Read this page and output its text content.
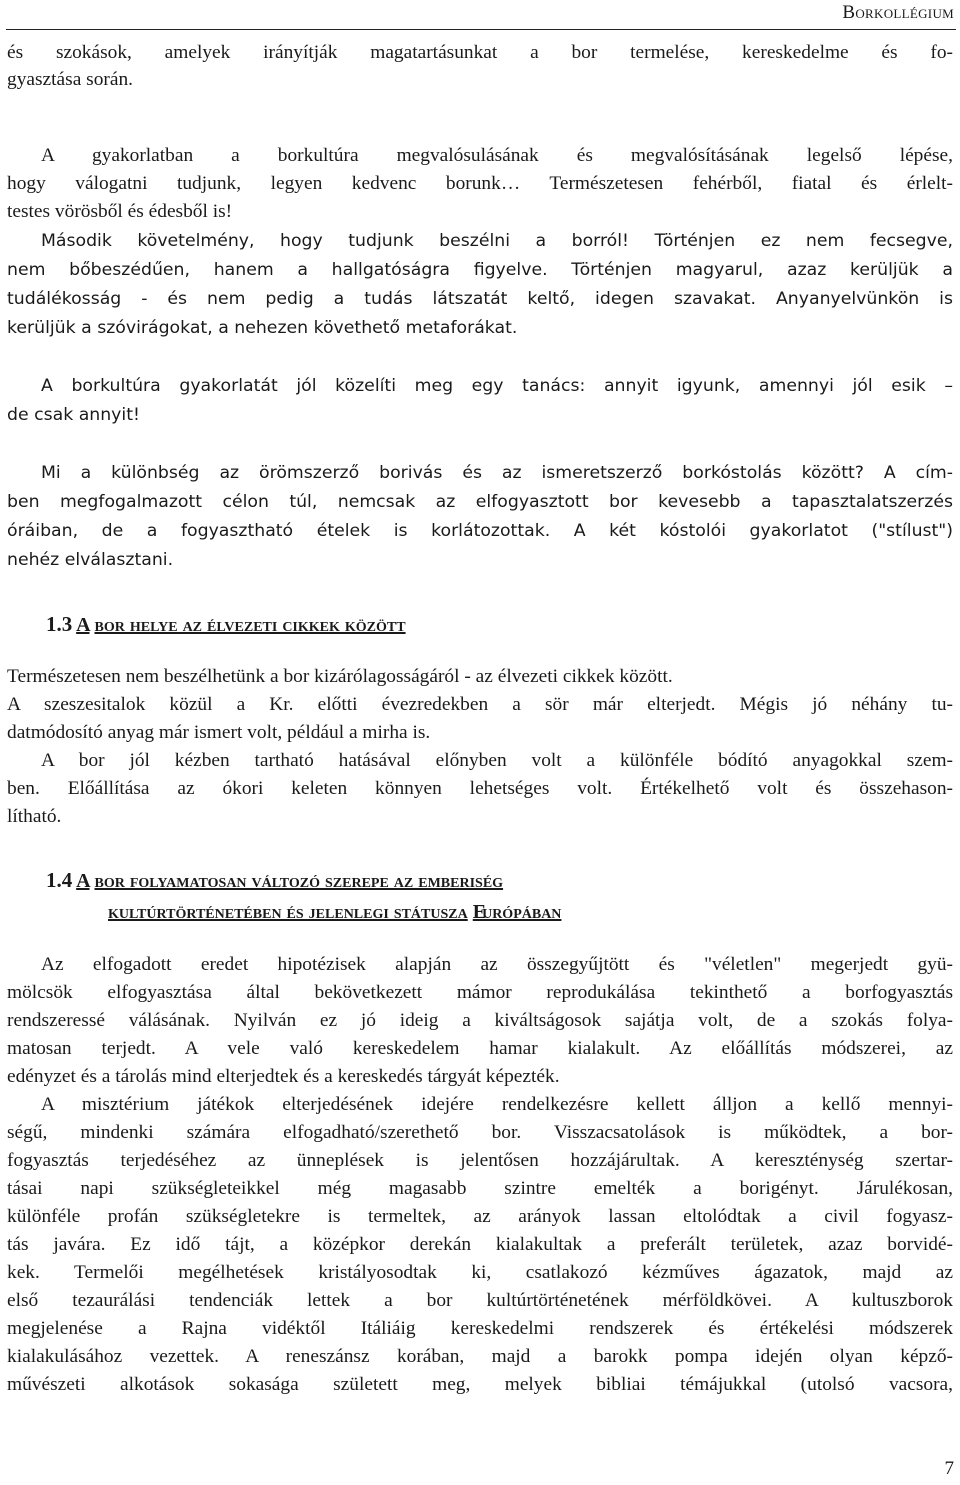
Borkollégium
és szokások, amelyek irányítják magatartásunkat a bor termelése, kereskedelme és fo-
gyasztása során.
A gyakorlatban a borkultúra megvalósulásának és megvalósításának legelső lépése,
hogy válogatni tudjunk, legyen kedvenc borunk… Természetesen fehérből, fiatal és érlelt-
testes vörösből és édesből is!
Második követelmény, hogy tudjunk beszélni a borról! Történjen ez nem fecsegve,
nem bőbeszédűen, hanem a hallgatóságra figyelve. Történjen magyarul, azaz kerüljük a
tudálékosság - és nem pedig a tudás látszatát keltő, idegen szavakat. Anyanyelvünkön is
kerüljük a szóvirágokat, a nehezen követhető metaforákat.
A borkultúra gyakorlatát jól közelíti meg egy tanács: annyit igyunk, amennyi jól esik –
de csak annyit!
Mi a különbség az örömszerző borivás és az ismeretszerző borkóstolás között? A cím-
ben megfogalmazott célon túl, nemcsak az elfogyasztott bor kevesebb a tapasztalatszerzés
óráiban, de a fogyasztható ételek is korlátozottak. A két kóstolói gyakorlatot ("stílust")
nehéz elválasztani.
1.3 A bor helye az élvezeti cikkek között
Természetesen nem beszélhetünk a bor kizárólagosságáról - az élvezeti cikkek között.
A szeszesitalok közül a Kr. előtti évezredekben a sör már elterjedt. Mégis jó néhány tu-
datmódosító anyag már ismert volt, például a mirha is.
A bor jól kézben tartható hatásával előnyben volt a különféle bódító anyagokkal szem-
ben. Előállítása az ókori keleten könnyen lehetséges volt. Értékelhető volt és összehason-
lítható.
1.4 A bor folyamatosan változó szerepe az emberiség
kultúrtörténetében és jelenlegi státusza Európában
Az elfogadott eredet hipotézisek alapján az összegyűjtött és "véletlen" megerjedt gyü-
mölcsök elfogyasztása által bekövetkezett mámor reprodukálása tekinthető a borfogyasztás
rendszeressé válásának. Nyilván ez jó ideig a kiváltságosok sajátja volt, de a szokás folya-
matosan terjedt. A vele való kereskedelem hamar kialakult. Az előállítás módszerei, az
edényzet és a tárolás mind elterjedtek és a kereskedés tárgyát képezték.
A misztérium játékok elterjedésének idejére rendelkezésre kellett álljon a kellő mennyi-
ségű, mindenki számára elfogadható/szerethető bor. Visszacsatolások is működtek, a bor-
fogyasztás terjedéséhez az ünneplések is jelentősen hozzájárultak. A kereszténység szertar-
tásai napi szükségleteikkel még magasabb szintre emelték a borigényt. Járulékosan,
különféle profán szükségletekre is termeltek, az arányok lassan eltolódtak a civil fogyasz-
tás javára. Ez idő tájt, a középkor derekán kialakultak a preferált területek, azaz borvidé-
kek. Termelői megélhetések kristályosodtak ki, csatlakozó kézműves ágazatok, majd az
első tezaurálási tendenciák lettek a bor kultúrtörténetének mérföldkövei. A kultuszborok
megjelenése a Rajna vidéktől Itáliáig kereskedelmi rendszerek és értékelési módszerek
kialakulásához vezettek. A reneszánsz korában, majd a barokk pompa idején olyan képző-
művészeti alkotások sokasága született meg, melyek bibliai témájukkal (utolsó vacsora,
7
